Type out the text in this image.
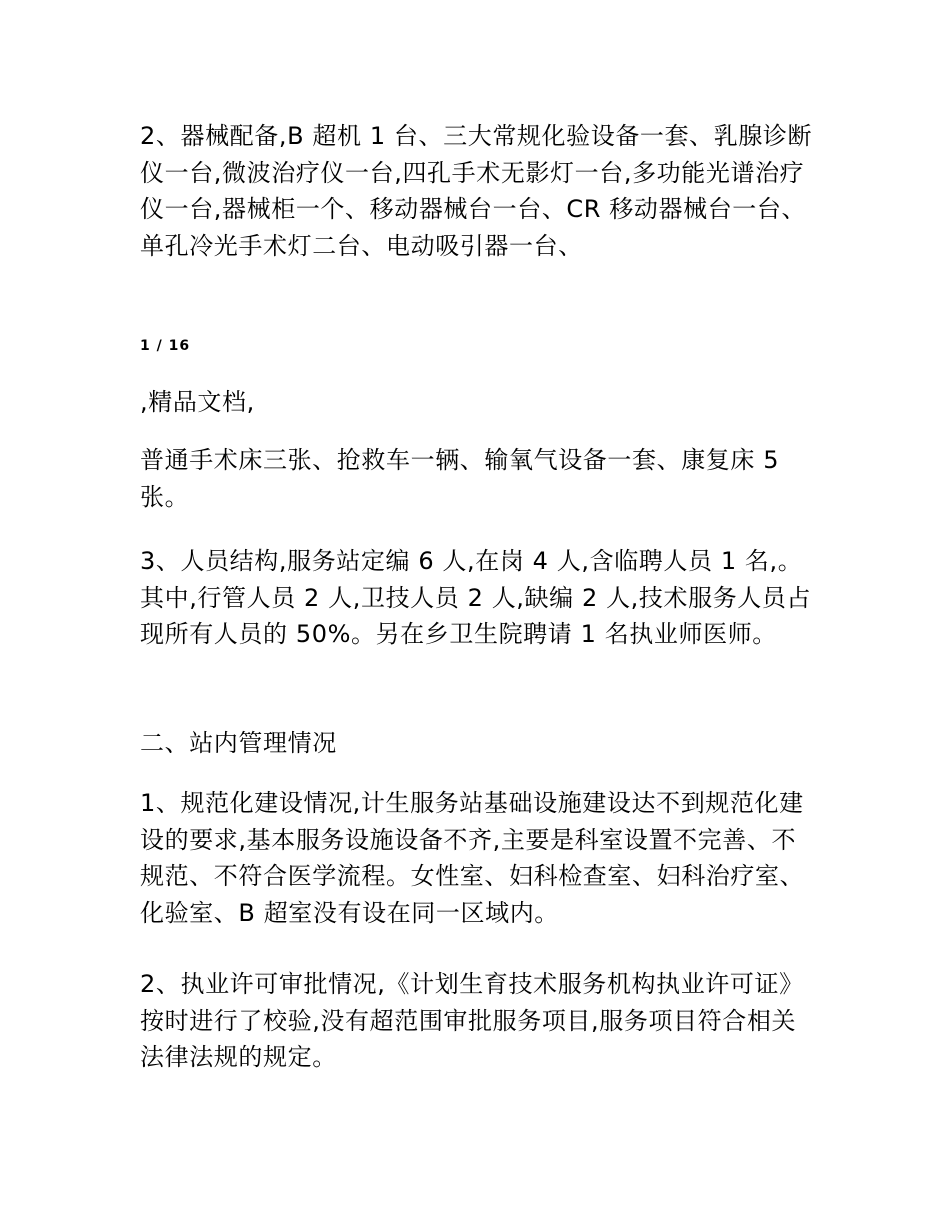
2、器械配备,B 超机 1 台、三大常规化验设备一套、乳腺诊断仪一台,微波治疗仪一台,四孔手术无影灯一台,多功能光谱治疗仪一台,器械柜一个、移动器械台一台、CR 移动器械台一台、单孔冷光手术灯二台、电动吸引器一台、

1 / 16

,精品文档,

普通手术床三张、抢救车一辆、输氧气设备一套、康复床 5 张。

3、人员结构,服务站定编 6 人,在岗 4 人,含临聘人员 1 名,。其中,行管人员 2 人,卫技人员 2 人,缺编 2 人,技术服务人员占现所有人员的 50%。另在乡卫生院聘请 1 名执业师医师。

二、站内管理情况

1、规范化建设情况,计生服务站基础设施建设达不到规范化建设的要求,基本服务设施设备不齐,主要是科室设置不完善、不规范、不符合医学流程。女性室、妇科检查室、妇科治疗室、化验室、B 超室没有设在同一区域内。

2、执业许可审批情况,《计划生育技术服务机构执业许可证》按时进行了校验,没有超范围审批服务项目,服务项目符合相关法律法规的规定。
